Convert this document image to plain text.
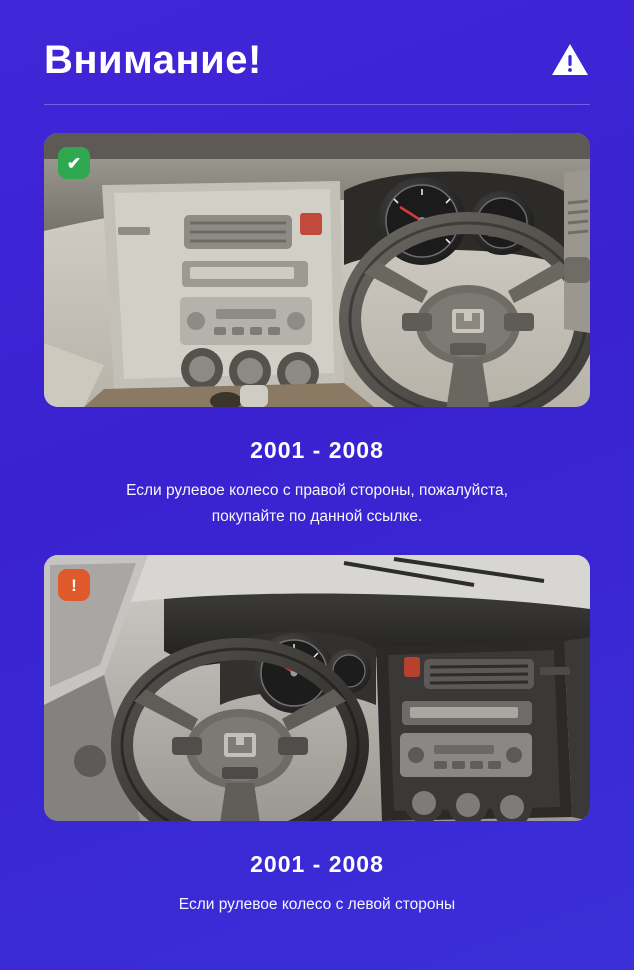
Внимание!
✔
2001 - 2008
Если рулевое колесо с правой стороны, пожалуйста,
покупайте по данной ссылке.
!
2001 - 2008
Если рулевое колесо с левой стороны
